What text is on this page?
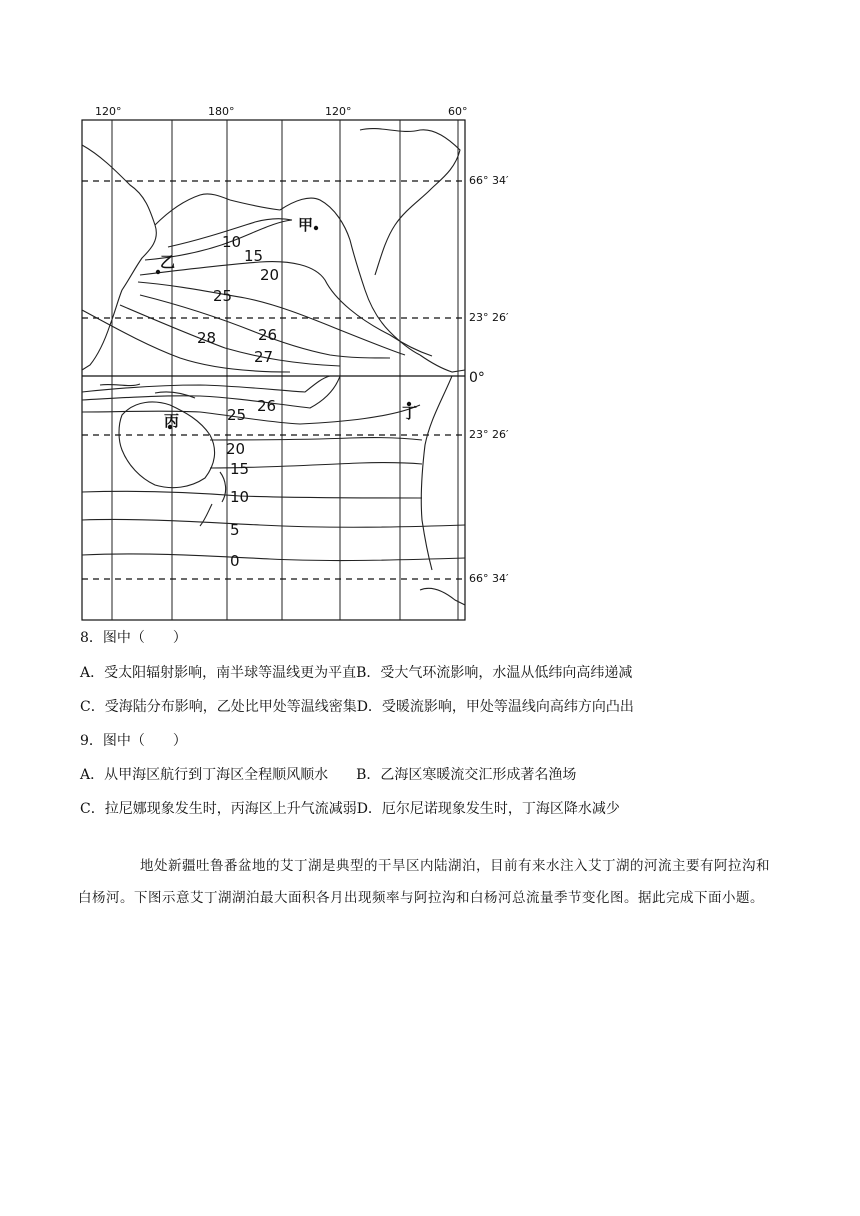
120°	180°	120°	60°
66° 34′
23° 26′
0°
23° 26′
66° 34′
10
15
20
25
26
27
28
25 26
20
15
10
5
0
甲
乙
丙	丁
8．图中（　　）
A．受太阳辐射影响，南半球等温线更为平直B．受大气环流影响，水温从低纬向高纬递减
C．受海陆分布影响，乙处比甲处等温线密集D．受暖流影响，甲处等温线向高纬方向凸出
9．图中（　　）
A．从甲海区航行到丁海区全程顺风顺水　　B．乙海区寒暖流交汇形成著名渔场
C．拉尼娜现象发生时，丙海区上升气流减弱D．厄尔尼诺现象发生时，丁海区降水减少
地处新疆吐鲁番盆地的艾丁湖是典型的干旱区内陆湖泊，目前有来水注入艾丁湖的河流主要有阿拉沟和白杨河。下图示意艾丁湖湖泊最大面积各月出现频率与阿拉沟和白杨河总流量季节变化图。据此完成下面小题。
